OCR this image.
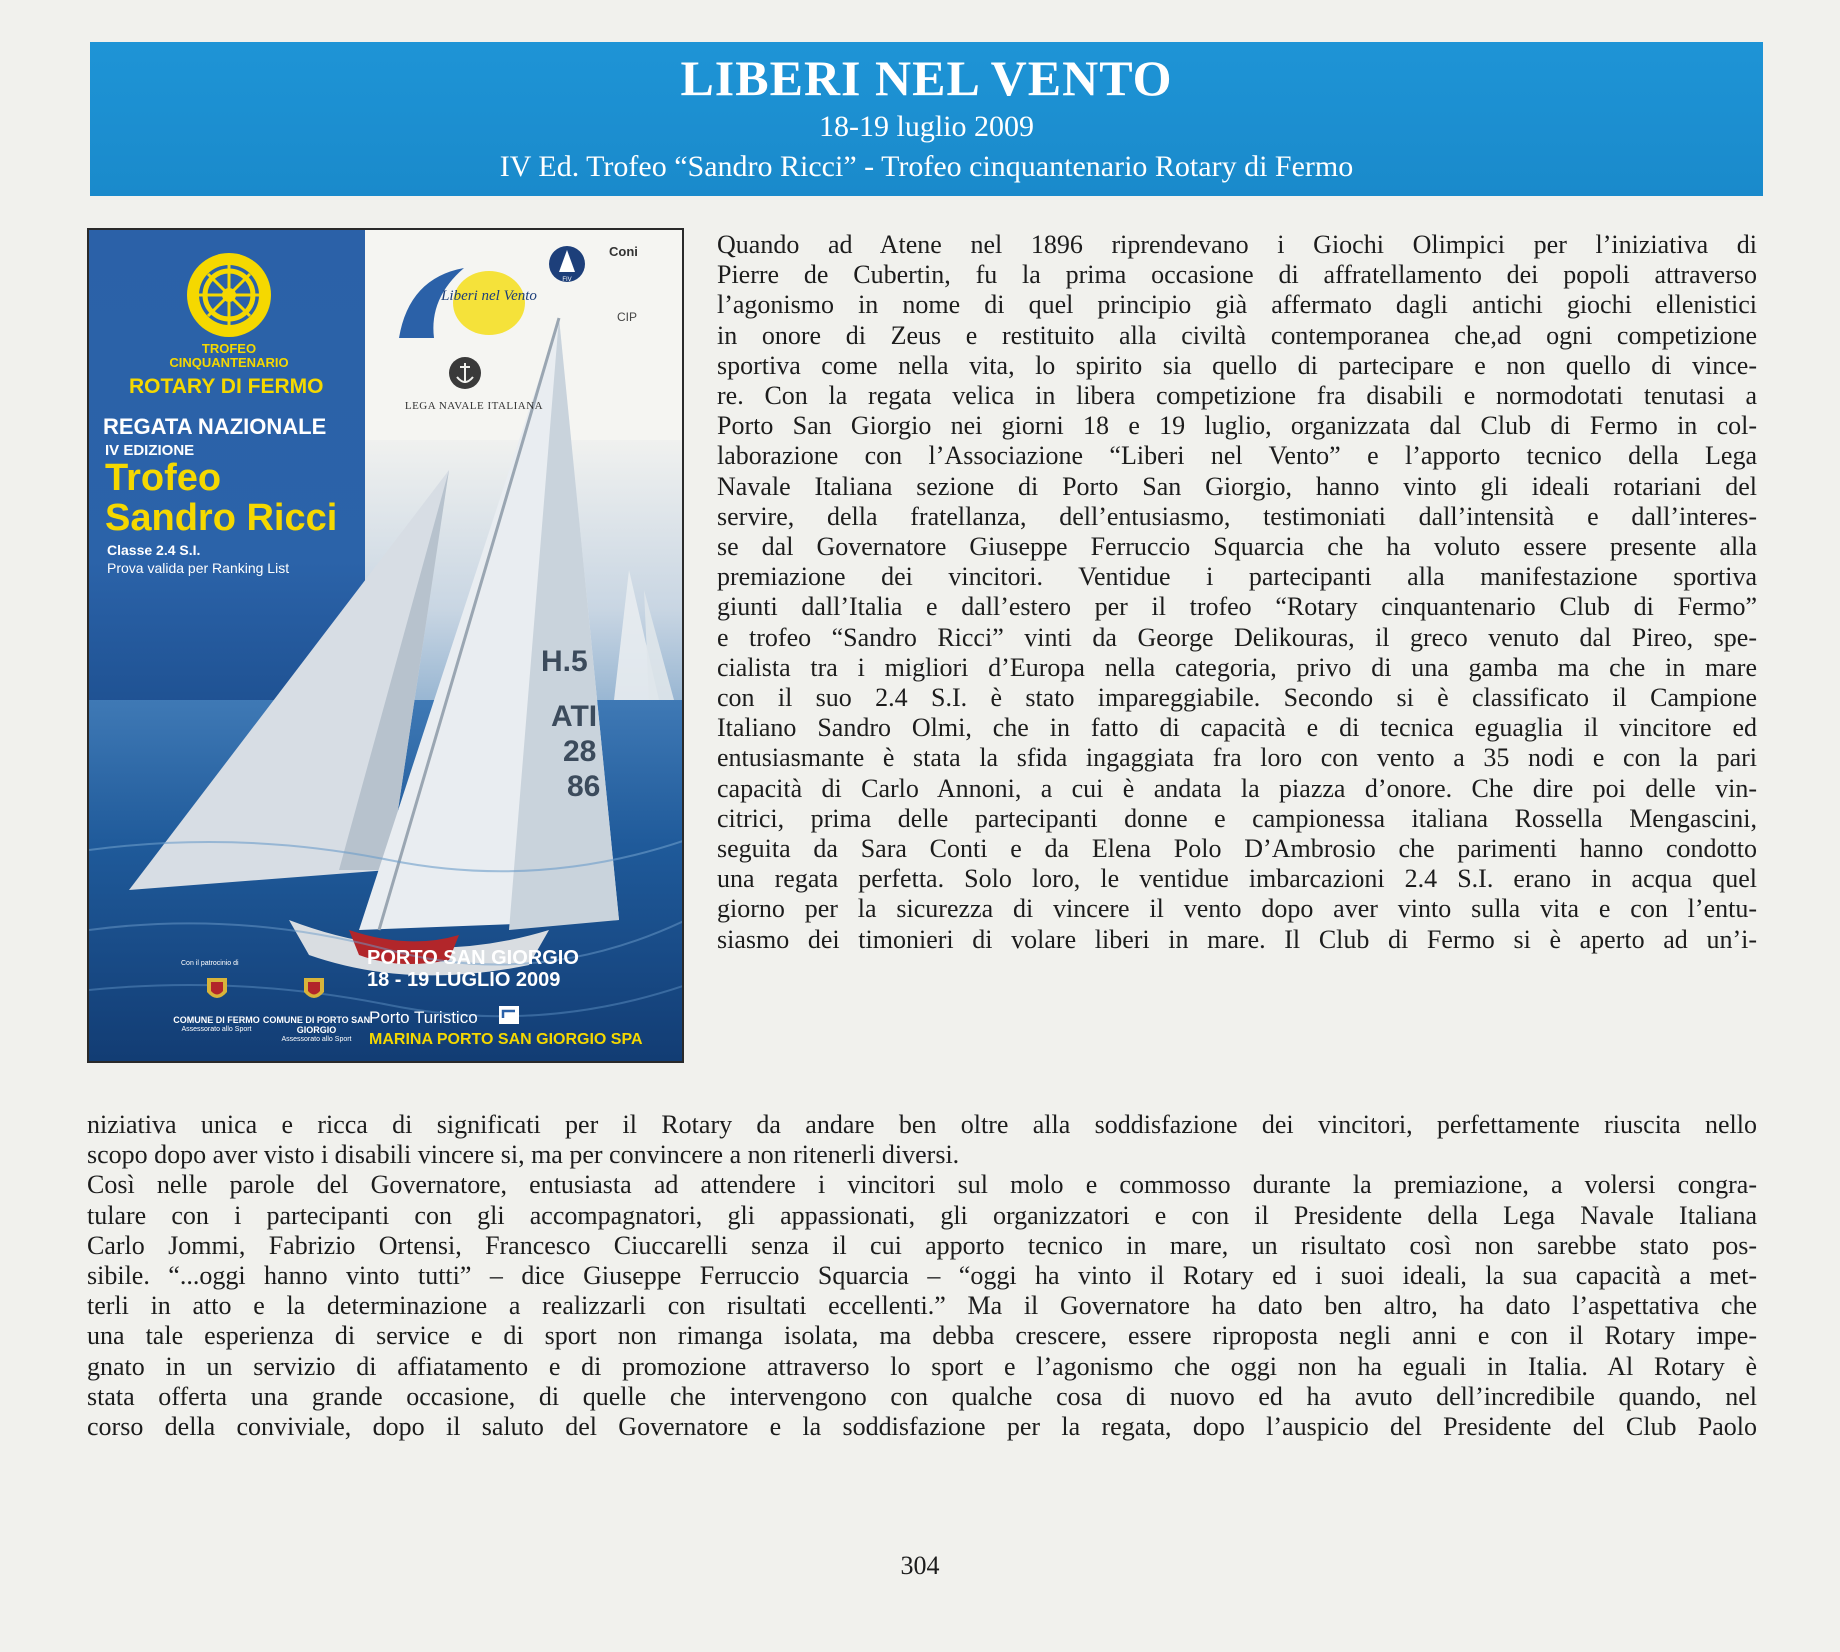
LIBERI NEL VENTO
18-19 luglio 2009
IV Ed. Trofeo “Sandro Ricci” - Trofeo cinquantenario Rotary di Fermo
TROFEO CINQUANTENARIO
ROTARY DI FERMO
REGATA NAZIONALE
IV EDIZIONE
Trofeo
Sandro Ricci
Classe 2.4 S.I.
Prova valida per Ranking List
Liberi nel Vento
FIV
Coni
CIP
LEGA NAVALE ITALIANA
H.5
ATI
28
86
Con il patrocinio di
COMUNE DI FERMO
Assessorato allo Sport
COMUNE DI PORTO SAN GIORGIO
Assessorato allo Sport
PORTO SAN GIORGIO
18 - 19 LUGLIO 2009
Porto Turistico
MARINA PORTO SAN GIORGIO SPA
Quando ad Atene nel 1896 riprendevano i Giochi Olimpici per l’iniziativa di
Pierre de Cubertin, fu la prima occasione di affratellamento dei popoli attraverso
l’agonismo in nome di quel principio già affermato dagli antichi giochi ellenistici
in onore di Zeus e restituito alla civiltà contemporanea che,ad ogni competizione
sportiva come nella vita, lo spirito sia quello di partecipare e non quello di vince-
re. Con la regata velica in libera competizione fra disabili e normodotati tenutasi a
Porto San Giorgio nei giorni 18 e 19 luglio, organizzata dal Club di Fermo in col-
laborazione con l’Associazione “Liberi nel Vento” e l’apporto tecnico della Lega
Navale Italiana sezione di Porto San Giorgio, hanno vinto gli ideali rotariani del
servire, della fratellanza, dell’entusiasmo, testimoniati dall’intensità e dall’interes-
se dal Governatore Giuseppe Ferruccio Squarcia che ha voluto essere presente alla
premiazione dei vincitori. Ventidue i partecipanti alla manifestazione sportiva
giunti dall’Italia e dall’estero per il trofeo “Rotary cinquantenario Club di Fermo”
e trofeo “Sandro Ricci” vinti da George Delikouras, il greco venuto dal Pireo, spe-
cialista tra i migliori d’Europa nella categoria, privo di una gamba ma che in mare
con il suo 2.4 S.I. è stato impareggiabile. Secondo si è classificato il Campione
Italiano Sandro Olmi, che in fatto di capacità e di tecnica eguaglia il vincitore ed
entusiasmante è stata la sfida ingaggiata fra loro con vento a 35 nodi e con la pari
capacità di Carlo Annoni, a cui è andata la piazza d’onore. Che dire poi delle vin-
citrici, prima delle partecipanti donne e campionessa italiana Rossella Mengascini,
seguita da Sara Conti e da Elena Polo D’Ambrosio che parimenti hanno condotto
una regata perfetta. Solo loro, le ventidue imbarcazioni 2.4 S.I. erano in acqua quel
giorno per la sicurezza di vincere il vento dopo aver vinto sulla vita e con l’entu-
siasmo dei timonieri di volare liberi in mare. Il Club di Fermo si è aperto ad un’i-
niziativa unica e ricca di significati per il Rotary da andare ben oltre alla soddisfazione dei vincitori, perfettamente riuscita nello
scopo dopo aver visto i disabili vincere si, ma per convincere a non ritenerli diversi.
Così nelle parole del Governatore, entusiasta ad attendere i vincitori sul molo e commosso durante la premiazione, a volersi congra-
tulare con i partecipanti con gli accompagnatori, gli appassionati, gli organizzatori e con il Presidente della Lega Navale Italiana
Carlo Jommi, Fabrizio Ortensi, Francesco Ciuccarelli senza il cui apporto tecnico in mare, un risultato così non sarebbe stato pos-
sibile. “...oggi hanno vinto tutti” – dice Giuseppe Ferruccio Squarcia – “oggi ha vinto il Rotary ed i suoi ideali, la sua capacità a met-
terli in atto e la determinazione a realizzarli con risultati eccellenti.” Ma il Governatore ha dato ben altro, ha dato l’aspettativa che
una tale esperienza di service e di sport non rimanga isolata, ma debba crescere, essere riproposta negli anni e con il Rotary impe-
gnato in un servizio di affiatamento e di promozione attraverso lo sport e l’agonismo che oggi non ha eguali in Italia. Al Rotary è
stata offerta una grande occasione, di quelle che intervengono con qualche cosa di nuovo ed ha avuto dell’incredibile quando, nel
corso della conviviale, dopo il saluto del Governatore e la soddisfazione per la regata, dopo l’auspicio del Presidente del Club Paolo
304
